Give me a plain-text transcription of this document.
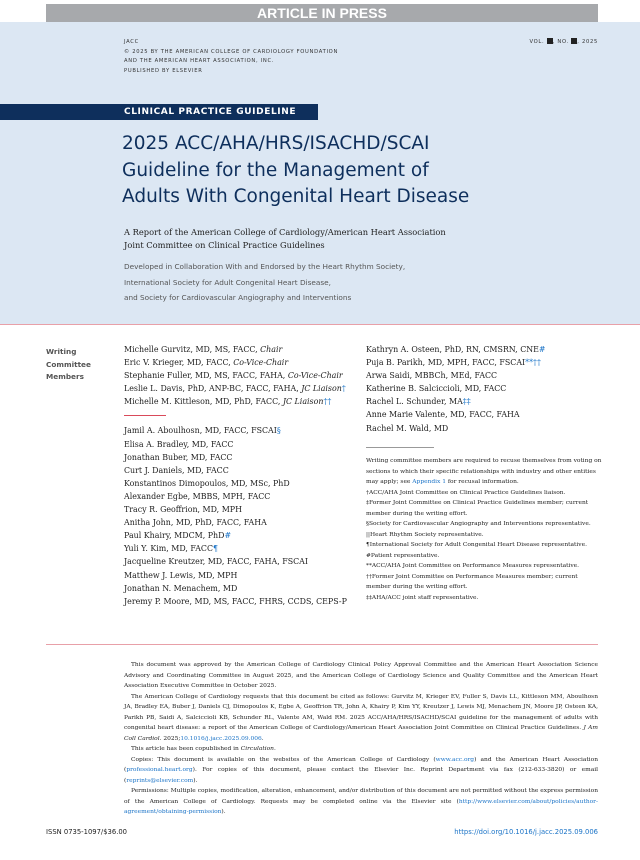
ARTICLE IN PRESS
JACC
© 2025 BY THE AMERICAN COLLEGE OF CARDIOLOGY FOUNDATION
AND THE AMERICAN HEART ASSOCIATION, INC.
PUBLISHED BY ELSEVIER
VOL. , NO. , 2025
CLINICAL PRACTICE GUIDELINE
2025 ACC/AHA/HRS/ISACHD/SCAI
Guideline for the Management of
Adults With Congenital Heart Disease
A Report of the American College of Cardiology/American Heart Association
Joint Committee on Clinical Practice Guidelines
Developed in Collaboration With and Endorsed by the Heart Rhythm Society,
International Society for Adult Congenital Heart Disease,
and Society for Cardiovascular Angiography and Interventions
Writing
Committee
Members
Michelle Gurvitz, MD, MS, FACC, Chair
Eric V. Krieger, MD, FACC, Co-Vice-Chair
Stephanie Fuller, MD, MS, FACC, FAHA, Co-Vice-Chair
Leslie L. Davis, PhD, ANP-BC, FACC, FAHA, JC Liaison†
Michelle M. Kittleson, MD, PhD, FACC, JC Liaison††
Jamil A. Aboulhosn, MD, FACC, FSCAI§
Elisa A. Bradley, MD, FACC
Jonathan Buber, MD, FACC
Curt J. Daniels, MD, FACC
Konstantinos Dimopoulos, MD, MSc, PhD
Alexander Egbe, MBBS, MPH, FACC
Tracy R. Geoffrion, MD, MPH
Anitha John, MD, PhD, FACC, FAHA
Paul Khairy, MDCM, PhD#
Yuli Y. Kim, MD, FACC¶
Jacqueline Kreutzer, MD, FACC, FAHA, FSCAI
Matthew J. Lewis, MD, MPH
Jonathan N. Menachem, MD
Jeremy P. Moore, MD, MS, FACC, FHRS, CCDS, CEPS-P
Kathryn A. Osteen, PhD, RN, CMSRN, CNE#
Puja B. Parikh, MD, MPH, FACC, FSCAI**††
Arwa Saidi, MBBCh, MEd, FACC
Katherine B. Salciccioli, MD, FACC
Rachel L. Schunder, MA‡‡
Anne Marie Valente, MD, FACC, FAHA
Rachel M. Wald, MD

Writing committee members are required to recuse themselves from voting on sections to which their specific relationships with industry and other entities may apply; see Appendix 1 for recusal information.

†ACC/AHA Joint Committee on Clinical Practice Guidelines liaison.

‡Former Joint Committee on Clinical Practice Guidelines member; current member during the writing effort.

§Society for Cardiovascular Angiography and Interventions representative.

||Heart Rhythm Society representative.

¶International Society for Adult Congenital Heart Disease representative.

#Patient representative.

**ACC/AHA Joint Committee on Performance Measures representative.

††Former Joint Committee on Performance Measures member; current member during the writing effort.

‡‡AHA/ACC joint staff representative.

This document was approved by the American College of Cardiology Clinical Policy Approval Committee and the American Heart Association Science Advisory and Coordinating Committee in August 2025, and the American College of Cardiology Science and Quality Committee and the American Heart Association Executive Committee in October 2025.

The American College of Cardiology requests that this document be cited as follows: Gurvitz M, Krieger EV, Fuller S, Davis LL, Kittleson MM, Aboulhosn JA, Bradley EA, Buber J, Daniels CJ, Dimopoulos K, Egbe A, Geoffrion TR, John A, Khairy P, Kim YY, Kreutzer J, Lewis MJ, Menachem JN, Moore JP, Osteen KA, Parikh PB, Saidi A, Salciccioli KB, Schunder RL, Valente AM, Wald RM. 2025 ACC/AHA/HRS/ISACHD/SCAI guideline for the management of adults with congenital heart disease: a report of the American College of Cardiology/American Heart Association Joint Committee on Clinical Practice Guidelines. J Am Coll Cardiol. 2025;10.1016/j.jacc.2025.09.006.

This article has been copublished in Circulation.

Copies: This document is available on the websites of the American College of Cardiology (www.acc.org) and the American Heart Association (professional.heart.org). For copies of this document, please contact the Elsevier Inc. Reprint Department via fax (212-633-3820) or email (reprints@elsevier.com).

Permissions: Multiple copies, modification, alteration, enhancement, and/or distribution of this document are not permitted without the express permission of the American College of Cardiology. Requests may be completed online via the Elsevier site (http://www.elsevier.com/about/policies/author-agreement/obtaining-permission).

ISSN 0735-1097/$36.00	https://doi.org/10.1016/j.jacc.2025.09.006
